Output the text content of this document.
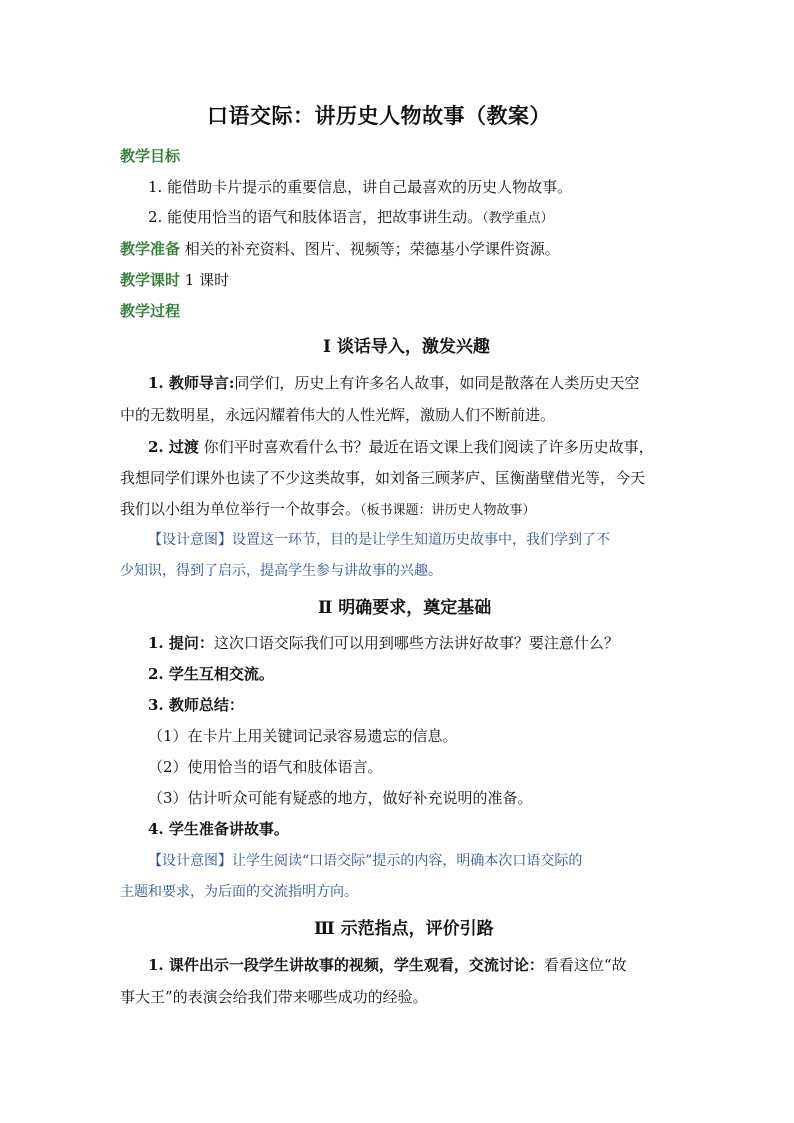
口语交际：讲历史人物故事（教案）
教学目标
1. 能借助卡片提示的重要信息，讲自己最喜欢的历史人物故事。
2. 能使用恰当的语气和肢体语言，把故事讲生动。（教学重点）
教学准备 相关的补充资料、图片、视频等；荣德基小学课件资源。
教学课时 1 课时
教学过程
Ⅰ 谈话导入，激发兴趣
1. 教师导言:同学们，历史上有许多名人故事，如同是散落在人类历史天空
中的无数明星，永远闪耀着伟大的人性光辉，激励人们不断前进。
2. 过渡 你们平时喜欢看什么书？最近在语文课上我们阅读了许多历史故事，
我想同学们课外也读了不少这类故事，如刘备三顾茅庐、匡衡凿壁借光等，今天
我们以小组为单位举行一个故事会。（板书课题：讲历史人物故事）
【设计意图】设置这一环节，目的是让学生知道历史故事中，我们学到了不
少知识，得到了启示，提高学生参与讲故事的兴趣。
Ⅱ 明确要求，奠定基础
1. 提问：这次口语交际我们可以用到哪些方法讲好故事？要注意什么？
2. 学生互相交流。
3. 教师总结：
（1）在卡片上用关键词记录容易遗忘的信息。
（2）使用恰当的语气和肢体语言。
（3）估计听众可能有疑惑的地方，做好补充说明的准备。
4. 学生准备讲故事。
【设计意图】让学生阅读“口语交际”提示的内容，明确本次口语交际的
主题和要求，为后面的交流指明方向。
Ⅲ 示范指点，评价引路
1. 课件出示一段学生讲故事的视频，学生观看，交流讨论：看看这位“故
事大王”的表演会给我们带来哪些成功的经验。
